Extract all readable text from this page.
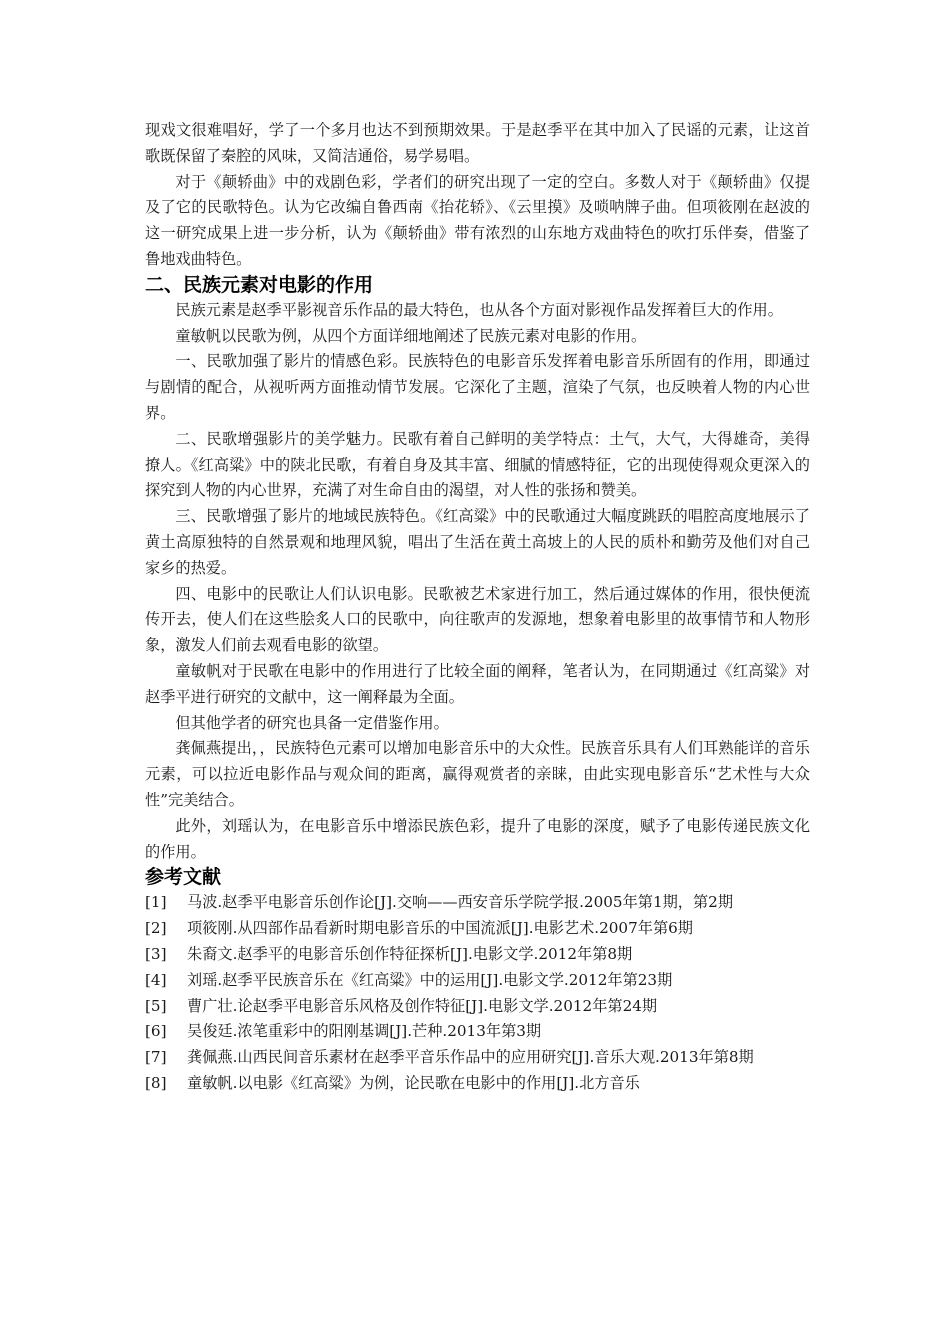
现戏文很难唱好，学了一个多月也达不到预期效果。于是赵季平在其中加入了民谣的元素，让这首歌既保留了秦腔的风味，又简洁通俗，易学易唱。

对于《颠轿曲》中的戏剧色彩，学者们的研究出现了一定的空白。多数人对于《颠轿曲》仅提及了它的民歌特色。认为它改编自鲁西南《抬花轿》、《云里摸》及唢呐牌子曲。但项筱刚在赵波的这一研究成果上进一步分析，认为《颠轿曲》带有浓烈的山东地方戏曲特色的吹打乐伴奏，借鉴了鲁地戏曲特色。

二、民族元素对电影的作用

民族元素是赵季平影视音乐作品的最大特色，也从各个方面对影视作品发挥着巨大的作用。

童敏帆以民歌为例，从四个方面详细地阐述了民族元素对电影的作用。

一、民歌加强了影片的情感色彩。民族特色的电影音乐发挥着电影音乐所固有的作用，即通过与剧情的配合，从视听两方面推动情节发展。它深化了主题，渲染了气氛，也反映着人物的内心世界。

二、民歌增强影片的美学魅力。民歌有着自己鲜明的美学特点：土气，大气，大得雄奇，美得撩人。《红高粱》中的陕北民歌，有着自身及其丰富、细腻的情感特征，它的出现使得观众更深入的探究到人物的内心世界，充满了对生命自由的渴望，对人性的张扬和赞美。

三、民歌增强了影片的地域民族特色。《红高粱》中的民歌通过大幅度跳跃的唱腔高度地展示了黄土高原独特的自然景观和地理风貌，唱出了生活在黄土高坡上的人民的质朴和勤劳及他们对自己家乡的热爱。

四、电影中的民歌让人们认识电影。民歌被艺术家进行加工，然后通过媒体的作用，很快便流传开去，使人们在这些脍炙人口的民歌中，向往歌声的发源地，想象着电影里的故事情节和人物形象，激发人们前去观看电影的欲望。

童敏帆对于民歌在电影中的作用进行了比较全面的阐释，笔者认为，在同期通过《红高粱》对赵季平进行研究的文献中，这一阐释最为全面。

但其他学者的研究也具备一定借鉴作用。

龚佩燕提出，，民族特色元素可以增加电影音乐中的大众性。民族音乐具有人们耳熟能详的音乐元素，可以拉近电影作品与观众间的距离，赢得观赏者的亲睐，由此实现电影音乐“艺术性与大众性”完美结合。

此外，刘瑶认为，在电影音乐中增添民族色彩，提升了电影的深度，赋予了电影传递民族文化的作用。

参考文献
[1] 马波.赵季平电影音乐创作论[J].交响——西安音乐学院学报.2005年第1期，第2期
[2] 项筱刚.从四部作品看新时期电影音乐的中国流派[J].电影艺术.2007年第6期
[3] 朱裔文.赵季平的电影音乐创作特征探析[J].电影文学.2012年第8期
[4] 刘瑶.赵季平民族音乐在《红高粱》中的运用[J].电影文学.2012年第23期
[5] 曹广壮.论赵季平电影音乐风格及创作特征[J].电影文学.2012年第24期
[6] 吴俊廷.浓笔重彩中的阳刚基调[J].芒种.2013年第3期
[7] 龚佩燕.山西民间音乐素材在赵季平音乐作品中的应用研究[J].音乐大观.2013年第8期
[8] 童敏帆.以电影《红高粱》为例，论民歌在电影中的作用[J].北方音乐
